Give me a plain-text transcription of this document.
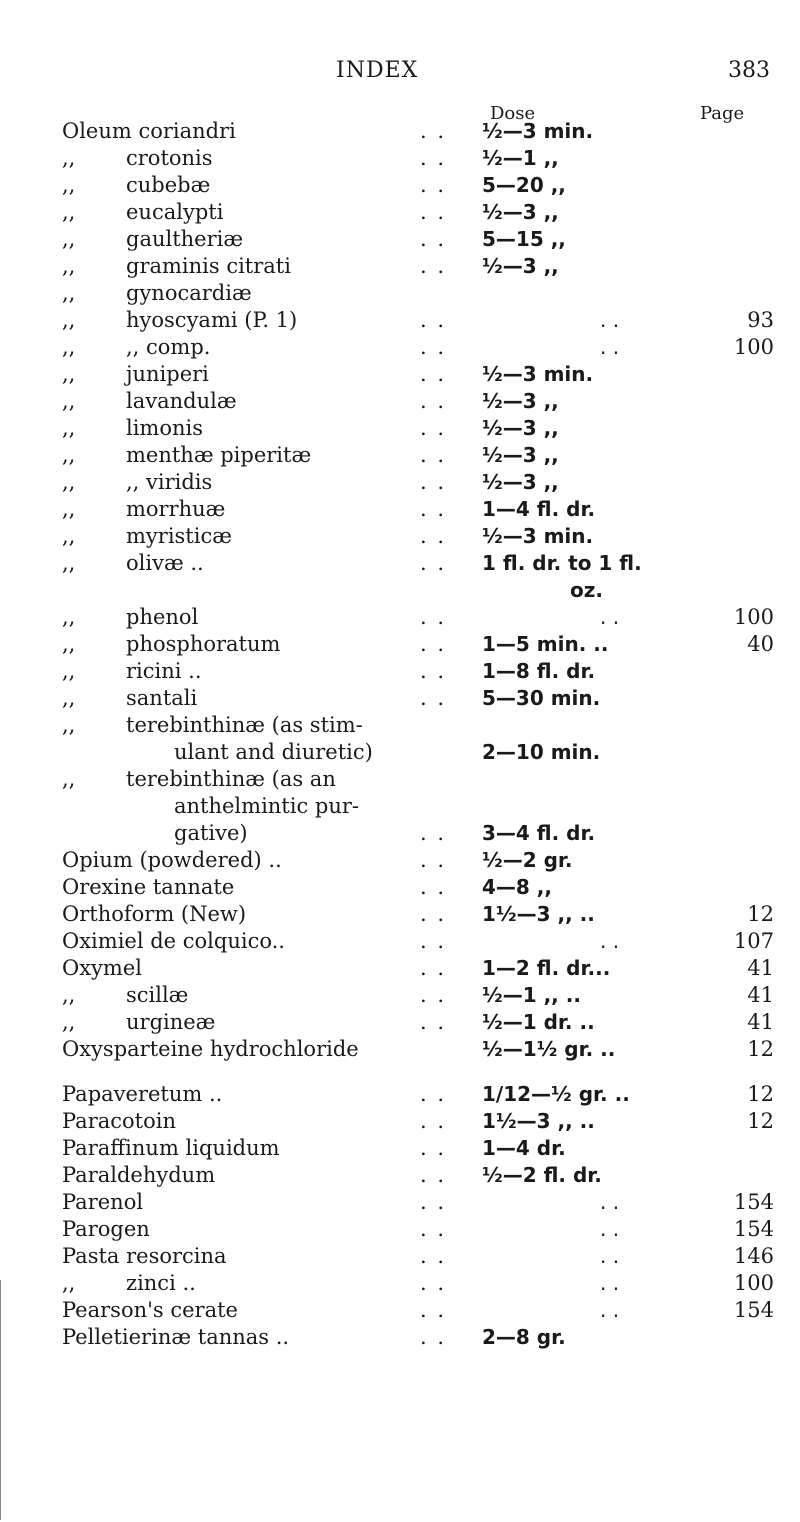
INDEX	383
Dose	Page
Oleum coriandri	. .	½—3 min.
,, crotonis	. .	½—1 ,,
,, cubebæ	. .	5—20 ,,
,, eucalypti	. .	½—3 ,,
,, gaultheriæ	. .	5—15 ,,
,, graminis citrati	. .	½—3 ,,
,, gynocardiæ
,, hyoscyami (P. 1)	. .	. .	93
,, ,, comp.	. .	. .	100
,, juniperi	. .	½—3 min.
,, lavandulæ	. .	½—3 ,,
,, limonis	. .	½—3 ,,
,, menthæ piperitæ	. .	½—3 ,,
,, ,, viridis	. .	½—3 ,,
,, morrhuæ	. .	1—4 fl. dr.
,, myristicæ	. .	½—3 min.
,, olivæ ..	. .	1 fl. dr. to 1 fl.
oz.
,, phenol	. .	. .	100
,, phosphoratum	. .	1—5 min. ..	40
,, ricini ..	. .	1—8 fl. dr.
,, santali	. .	5—30 min.
,, terebinthinæ (as stim-
ulant and diuretic)	2—10 min.
,, terebinthinæ (as an
anthelmintic pur-
gative)	. .	3—4 fl. dr.
Opium (powdered) ..	. .	½—2 gr.
Orexine tannate	. .	4—8 ,,
Orthoform (New)	. .	1½—3 ,, ..	12
Oximiel de colquico..	. .	. .	107
Oxymel	. .	1—2 fl. dr...	41
,, scillæ	. .	½—1 ,, ..	41
,, urgineæ	. .	½—1 dr. ..	41
Oxysparteine hydrochloride	½—1½ gr. ..	12
Papaveretum ..	. .	1/12—½ gr. ..	12
Paracotoin	. .	1½—3 ,, ..	12
Paraffinum liquidum	. .	1—4 dr.
Paraldehydum	. .	½—2 fl. dr.
Parenol	. .	. .	154
Parogen	. .	. .	154
Pasta resorcina	. .	. .	146
,, zinci ..	. .	. .	100
Pearson's cerate	. .	. .	154
Pelletierinæ tannas ..	. .	2—8 gr.
